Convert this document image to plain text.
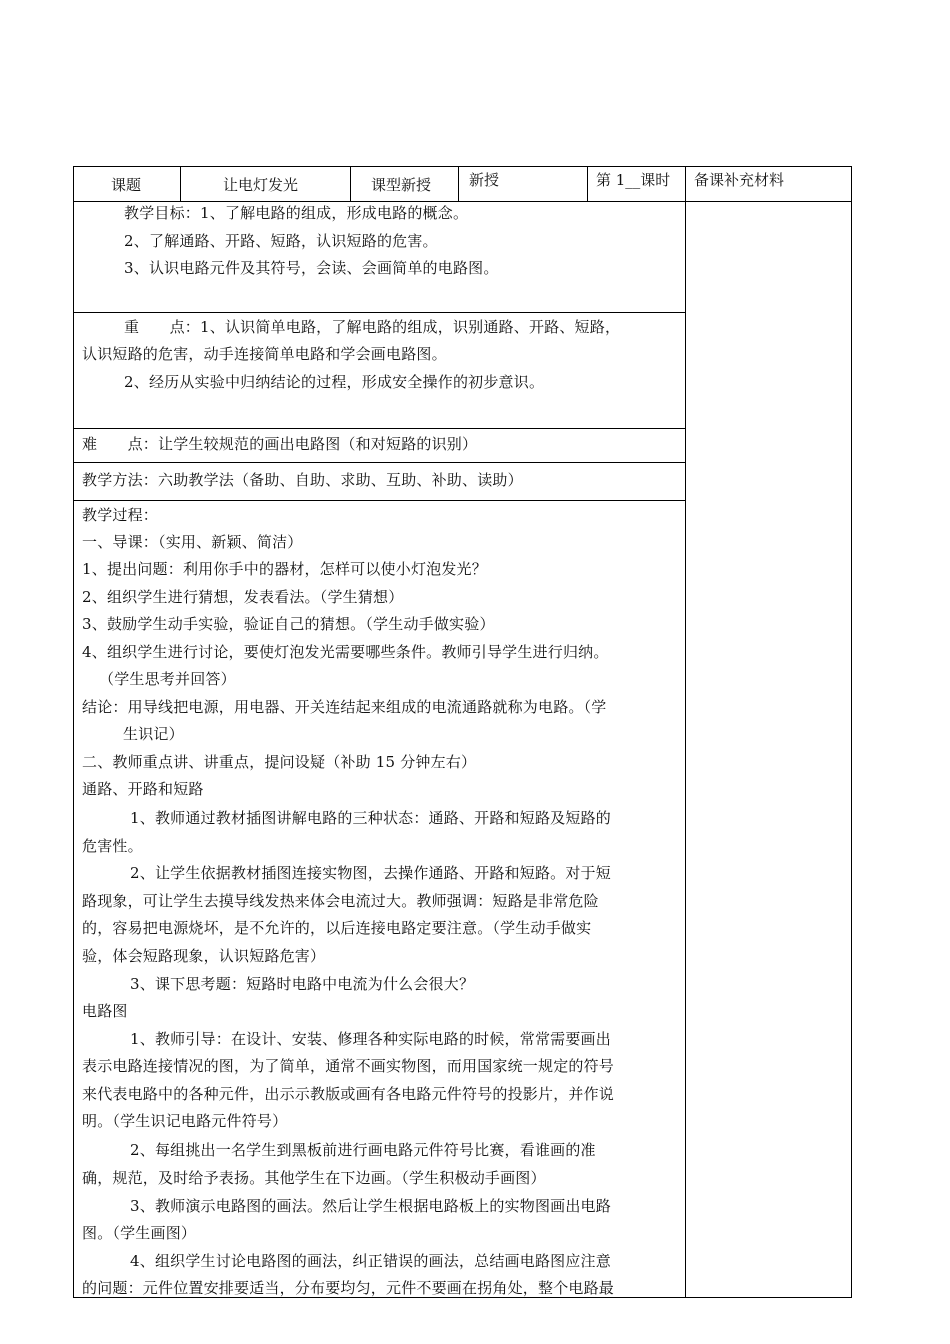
课题	让电灯发光	课型新授	新授	第 1__课时 备课补充材料
教学目标：1、了解电路的组成，形成电路的概念。
2、了解通路、开路、短路，认识短路的危害。
3、认识电路元件及其符号，会读、会画简单的电路图。
重　　点：1、认识简单电路，了解电路的组成，识别通路、开路、短路，
认识短路的危害，动手连接简单电路和学会画电路图。
2、经历从实验中归纳结论的过程，形成安全操作的初步意识。
难　　点：让学生较规范的画出电路图（和对短路的识别）
教学方法：六助教学法（备助、自助、求助、互助、补助、读助）
教学过程：
一、导课：（实用、新颖、简洁）
1、提出问题：利用你手中的器材，怎样可以使小灯泡发光？
2、组织学生进行猜想，发表看法。（学生猜想）
3、鼓励学生动手实验，验证自己的猜想。（学生动手做实验）
4、组织学生进行讨论，要使灯泡发光需要哪些条件。教师引导学生进行归纳。
（学生思考并回答）
结论：用导线把电源，用电器、开关连结起来组成的电流通路就称为电路。（学
生识记）
二、教师重点讲、讲重点，提问设疑（补助 15 分钟左右）
通路、开路和短路
1、教师通过教材插图讲解电路的三种状态：通路、开路和短路及短路的
危害性。
2、让学生依据教材插图连接实物图，去操作通路、开路和短路。对于短
路现象，可让学生去摸导线发热来体会电流过大。教师强调：短路是非常危险
的，容易把电源烧坏，是不允许的，以后连接电路定要注意。（学生动手做实
验，体会短路现象，认识短路危害）
3、课下思考题：短路时电路中电流为什么会很大？
电路图
1、教师引导：在设计、安装、修理各种实际电路的时候，常常需要画出
表示电路连接情况的图，为了简单，通常不画实物图，而用国家统一规定的符号
来代表电路中的各种元件，出示示教版或画有各电路元件符号的投影片，并作说
明。（学生识记电路元件符号）
2、每组挑出一名学生到黑板前进行画电路元件符号比赛，看谁画的准
确，规范，及时给予表扬。其他学生在下边画。（学生积极动手画图）
3、教师演示电路图的画法。然后让学生根据电路板上的实物图画出电路
图。（学生画图）
4、组织学生讨论电路图的画法，纠正错误的画法，总结画电路图应注意
的问题：元件位置安排要适当，分布要均匀，元件不要画在拐角处，整个电路最
